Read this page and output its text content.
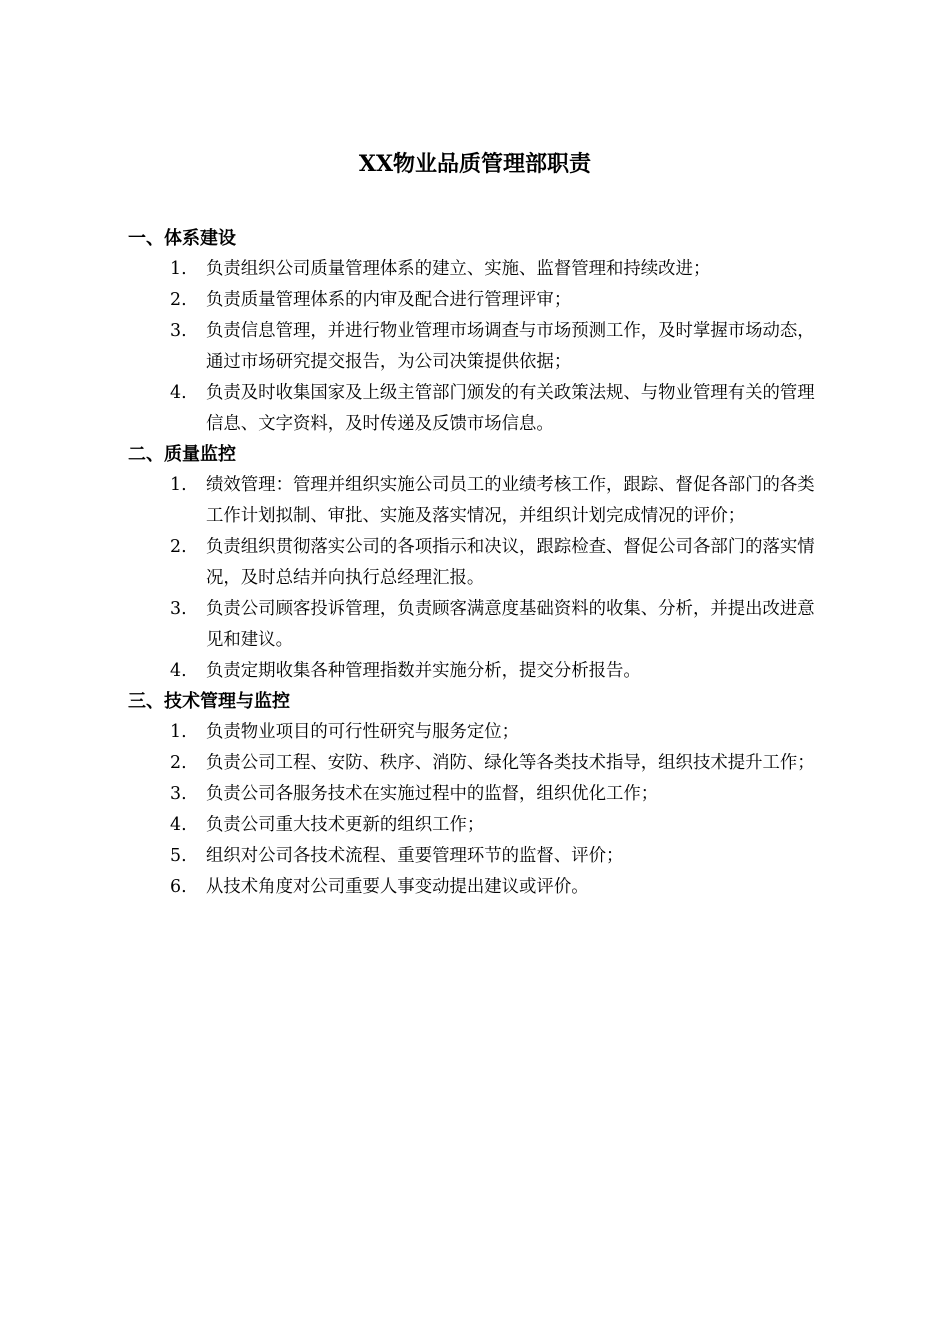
XX物业品质管理部职责
一、体系建设
1.	负责组织公司质量管理体系的建立、实施、监督管理和持续改进；
2.	负责质量管理体系的内审及配合进行管理评审；
3.	负责信息管理，并进行物业管理市场调查与市场预测工作，及时掌握市场动态，通过市场研究提交报告，为公司决策提供依据；
4.	负责及时收集国家及上级主管部门颁发的有关政策法规、与物业管理有关的管理信息、文字资料，及时传递及反馈市场信息。
二、质量监控
1.	绩效管理：管理并组织实施公司员工的业绩考核工作，跟踪、督促各部门的各类工作计划拟制、审批、实施及落实情况，并组织计划完成情况的评价；
2.	负责组织贯彻落实公司的各项指示和决议，跟踪检查、督促公司各部门的落实情况，及时总结并向执行总经理汇报。
3.	负责公司顾客投诉管理，负责顾客满意度基础资料的收集、分析，并提出改进意见和建议。
4.	负责定期收集各种管理指数并实施分析，提交分析报告。
三、技术管理与监控
1.	负责物业项目的可行性研究与服务定位；
2.	负责公司工程、安防、秩序、消防、绿化等各类技术指导，组织技术提升工作；
3.	负责公司各服务技术在实施过程中的监督，组织优化工作；
4.	负责公司重大技术更新的组织工作；
5.	组织对公司各技术流程、重要管理环节的监督、评价；
6.	从技术角度对公司重要人事变动提出建议或评价。
